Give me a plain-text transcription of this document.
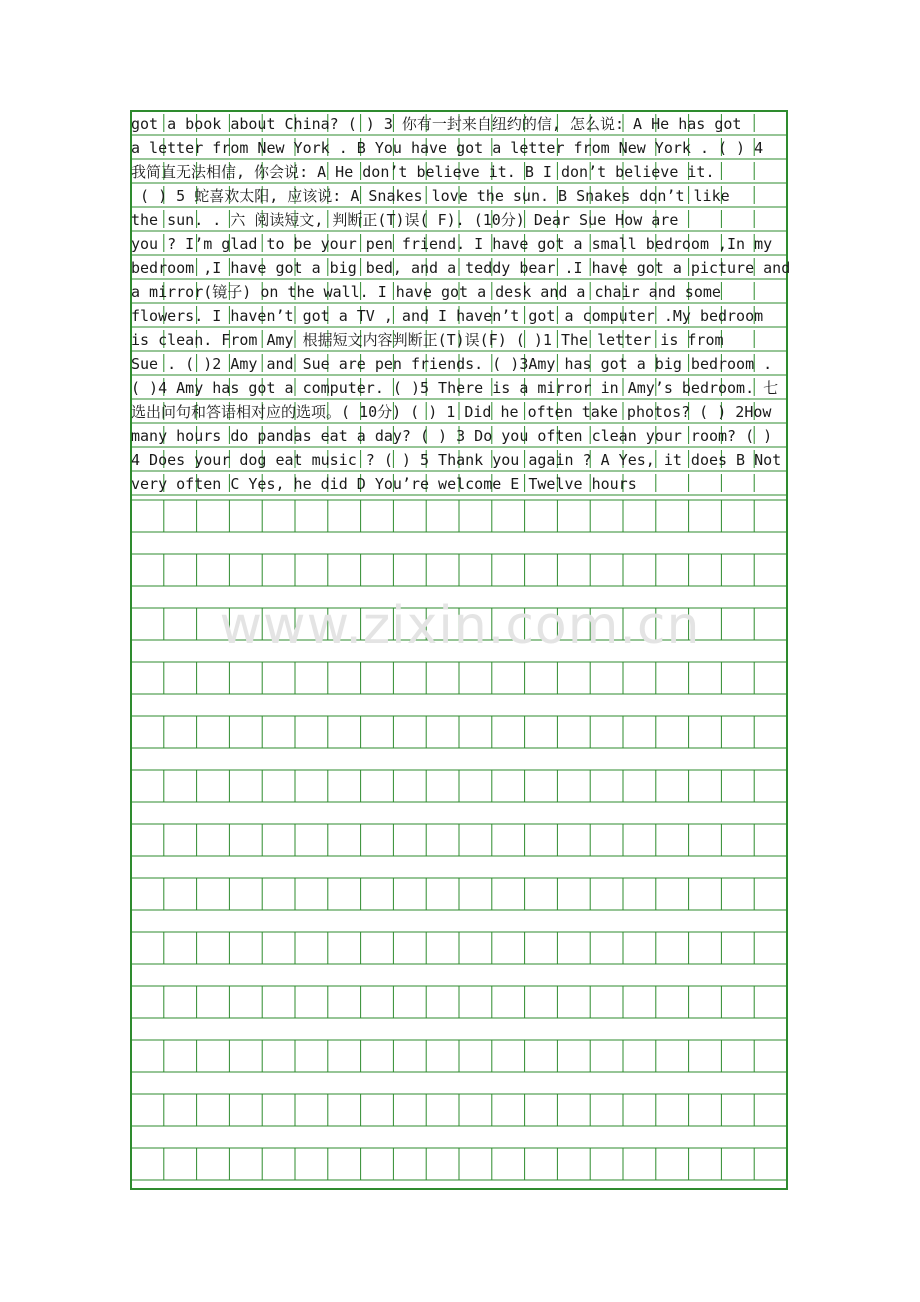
www.zixin.com.cn
got a book about China? ( ) 3 你有一封来自纽约的信, 怎么说: A He has got
a letter from New York . B You have got a letter from New York . ( ) 4
我简直无法相信, 你会说: A He don’t believe it. B I don’t believe it.
( ) 5 蛇喜欢太阳, 应该说: A Snakes love the sun. B Snakes don’t like
the sun. . 六 阅读短文, 判断正(T)误( F). (10分) Dear Sue How are
you ? I’m glad to be your pen friend. I have got a small bedroom ,In my
bedroom ,I have got a big bed, and a teddy bear .I have got a picture and
a mirror(镜子) on the wall. I have got a desk and a chair and some
flowers. I haven’t got a TV , and I haven’t got a computer .My bedroom
is clean. From Amy 根据短文内容判断正(T)误(F) ( )1 The letter is from
Sue . ( )2 Amy and Sue are pen friends. ( )3Amy has got a big bedroom .
( )4 Amy has got a computer. ( )5 There is a mirror in Amy’s bedroom. 七
选出问句和答语相对应的选项。( 10分) ( ) 1 Did he often take photos? ( ) 2How
many hours do pandas eat a day? ( ) 3 Do you often clean your room? ( )
4 Does your dog eat music ? ( ) 5 Thank you again ? A Yes, it does B Not
very often C Yes, he did D You’re welcome E Twelve hours
